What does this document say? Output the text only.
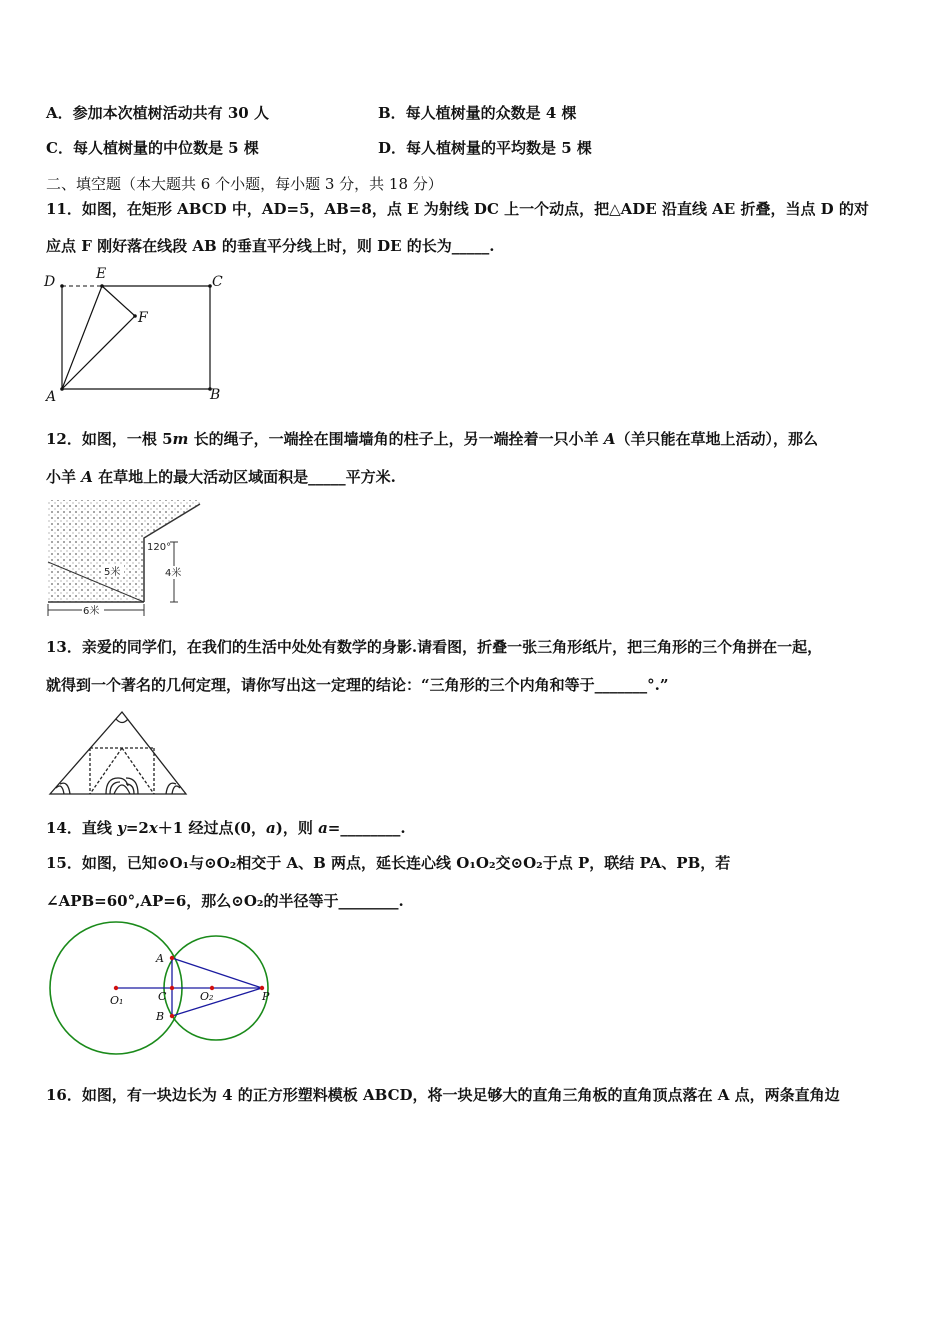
A．参加本次植树活动共有 30 人	B．每人植树量的众数是 4 棵
C．每人植树量的中位数是 5 棵	D．每人植树量的平均数是 5 棵
二、填空题（本大题共 6 个小题，每小题 3 分，共 18 分）
11．如图，在矩形 ABCD 中，AD=5，AB=8，点 E 为射线 DC 上一个动点，把△ADE 沿直线 AE 折叠，当点 D 的对
应点 F 刚好落在线段 AB 的垂直平分线上时，则 DE 的长为_____.
D	E	C
F
A	B
12．如图，一根 5m 长的绳子，一端拴在围墙墙角的柱子上，另一端拴着一只小羊 A（羊只能在草地上活动），那么
小羊 A 在草地上的最大活动区域面积是_____平方米.
120°
5米	4米
6米
13．亲爱的同学们，在我们的生活中处处有数学的身影.请看图，折叠一张三角形纸片，把三角形的三个角拼在一起，
就得到一个著名的几何定理，请你写出这一定理的结论：“三角形的三个内角和等于_______°.”
14．直线 y=2x＋1 经过点(0，a)，则 a=________.
15．如图，已知⊙O₁与⊙O₂相交于 A、B 两点，延长连心线 O₁O₂交⊙O₂于点 P，联结 PA、PB，若
∠APB=60°,AP=6，那么⊙O₂的半径等于________.
A
B
C
O₁	O₂	P
16．如图，有一块边长为 4 的正方形塑料模板 ABCD，将一块足够大的直角三角板的直角顶点落在 A 点，两条直角边
